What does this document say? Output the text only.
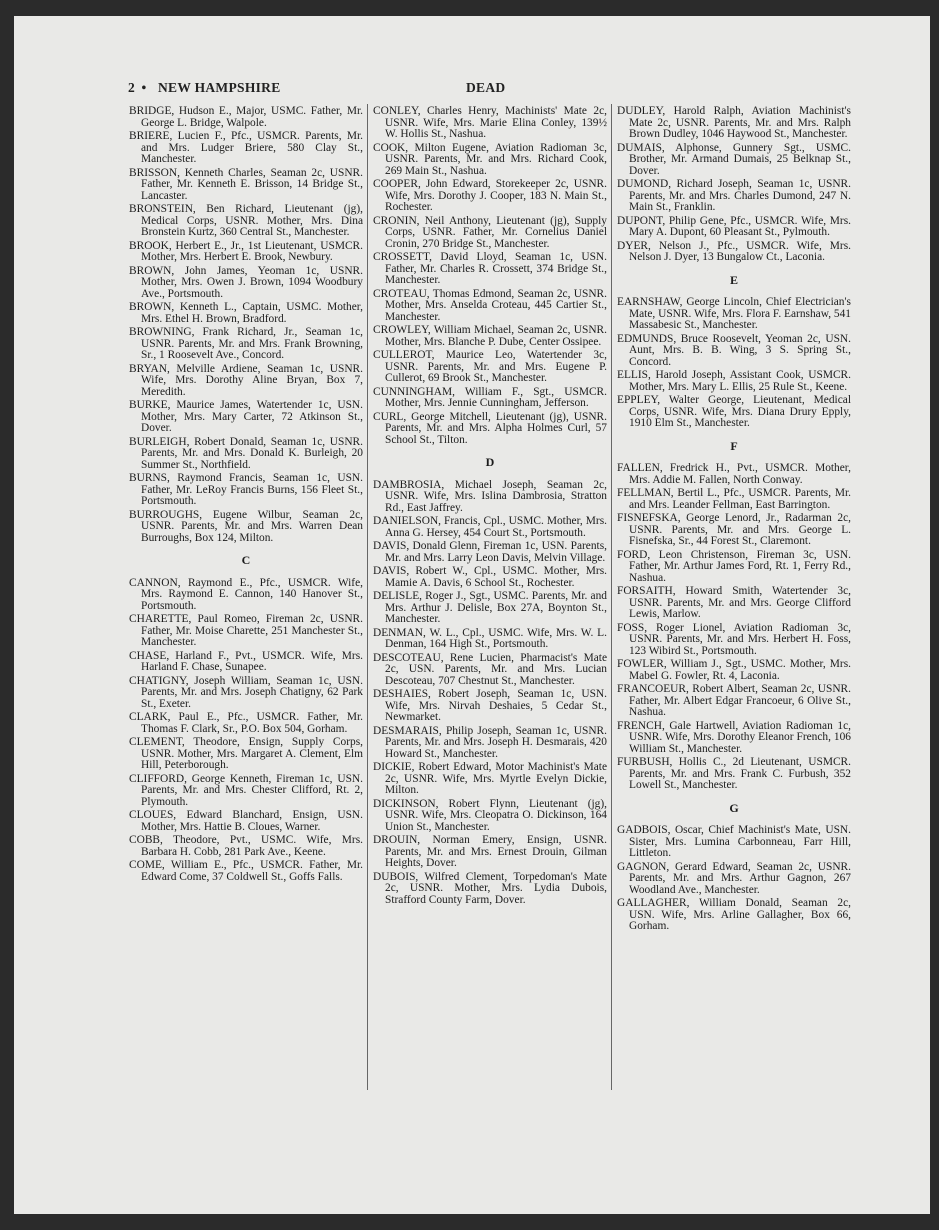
2 • NEW HAMPSHIRE	DEAD
BRIDGE, Hudson E., Major, USMC. Father, Mr. George L. Bridge, Walpole.
BRIERE, Lucien F., Pfc., USMCR. Parents, Mr. and Mrs. Ludger Briere, 580 Clay St., Manchester.
BRISSON, Kenneth Charles, Seaman 2c, USNR. Father, Mr. Kenneth E. Brisson, 14 Bridge St., Lancaster.
BRONSTEIN, Ben Richard, Lieutenant (jg), Medical Corps, USNR. Mother, Mrs. Dina Bronstein Kurtz, 360 Central St., Manchester.
BROOK, Herbert E., Jr., 1st Lieutenant, USMCR. Mother, Mrs. Herbert E. Brook, Newbury.
BROWN, John James, Yeoman 1c, USNR. Mother, Mrs. Owen J. Brown, 1094 Woodbury Ave., Portsmouth.
BROWN, Kenneth L., Captain, USMC. Mother, Mrs. Ethel H. Brown, Bradford.
BROWNING, Frank Richard, Jr., Seaman 1c, USNR. Parents, Mr. and Mrs. Frank Browning, Sr., 1 Roosevelt Ave., Concord.
BRYAN, Melville Ardiene, Seaman 1c, USNR. Wife, Mrs. Dorothy Aline Bryan, Box 7, Meredith.
BURKE, Maurice James, Watertender 1c, USN. Mother, Mrs. Mary Carter, 72 Atkinson St., Dover.
BURLEIGH, Robert Donald, Seaman 1c, USNR. Parents, Mr. and Mrs. Donald K. Burleigh, 20 Summer St., Northfield.
BURNS, Raymond Francis, Seaman 1c, USN. Father, Mr. LeRoy Francis Burns, 156 Fleet St., Portsmouth.
BURROUGHS, Eugene Wilbur, Seaman 2c, USNR. Parents, Mr. and Mrs. Warren Dean Burroughs, Box 124, Milton.
C
CANNON, Raymond E., Pfc., USMCR. Wife, Mrs. Raymond E. Cannon, 140 Hanover St., Portsmouth.
CHARETTE, Paul Romeo, Fireman 2c, USNR. Father, Mr. Moise Charette, 251 Manchester St., Manchester.
CHASE, Harland F., Pvt., USMCR. Wife, Mrs. Harland F. Chase, Sunapee.
CHATIGNY, Joseph William, Seaman 1c, USN. Parents, Mr. and Mrs. Joseph Chatigny, 62 Park St., Exeter.
CLARK, Paul E., Pfc., USMCR. Father, Mr. Thomas F. Clark, Sr., P.O. Box 504, Gorham.
CLEMENT, Theodore, Ensign, Supply Corps, USNR. Mother, Mrs. Margaret A. Clement, Elm Hill, Peterborough.
CLIFFORD, George Kenneth, Fireman 1c, USN. Parents, Mr. and Mrs. Chester Clifford, Rt. 2, Plymouth.
CLOUES, Edward Blanchard, Ensign, USN. Mother, Mrs. Hattie B. Cloues, Warner.
COBB, Theodore, Pvt., USMC. Wife, Mrs. Barbara H. Cobb, 281 Park Ave., Keene.
COME, William E., Pfc., USMCR. Father, Mr. Edward Come, 37 Coldwell St., Goffs Falls.
CONLEY, Charles Henry, Machinists' Mate 2c, USNR. Wife, Mrs. Marie Elina Conley, 139½ W. Hollis St., Nashua.
COOK, Milton Eugene, Aviation Radioman 3c, USNR. Parents, Mr. and Mrs. Richard Cook, 269 Main St., Nashua.
COOPER, John Edward, Storekeeper 2c, USNR. Wife, Mrs. Dorothy J. Cooper, 183 N. Main St., Rochester.
CRONIN, Neil Anthony, Lieutenant (jg), Supply Corps, USNR. Father, Mr. Cornelius Daniel Cronin, 270 Bridge St., Manchester.
CROSSETT, David Lloyd, Seaman 1c, USN. Father, Mr. Charles R. Crossett, 374 Bridge St., Manchester.
CROTEAU, Thomas Edmond, Seaman 2c, USNR. Mother, Mrs. Anselda Croteau, 445 Cartier St., Manchester.
CROWLEY, William Michael, Seaman 2c, USNR. Mother, Mrs. Blanche P. Dube, Center Ossipee.
CULLEROT, Maurice Leo, Watertender 3c, USNR. Parents, Mr. and Mrs. Eugene P. Cullerot, 69 Brook St., Manchester.
CUNNINGHAM, William F., Sgt., USMCR. Mother, Mrs. Jennie Cunningham, Jefferson.
CURL, George Mitchell, Lieutenant (jg), USNR. Parents, Mr. and Mrs. Alpha Holmes Curl, 57 School St., Tilton.
D
DAMBROSIA, Michael Joseph, Seaman 2c, USNR. Wife, Mrs. Islina Dambrosia, Stratton Rd., East Jaffrey.
DANIELSON, Francis, Cpl., USMC. Mother, Mrs. Anna G. Hersey, 454 Court St., Portsmouth.
DAVIS, Donald Glenn, Fireman 1c, USN. Parents, Mr. and Mrs. Larry Leon Davis, Melvin Village.
DAVIS, Robert W., Cpl., USMC. Mother, Mrs. Mamie A. Davis, 6 School St., Rochester.
DELISLE, Roger J., Sgt., USMC. Parents, Mr. and Mrs. Arthur J. Delisle, Box 27A, Boynton St., Manchester.
DENMAN, W. L., Cpl., USMC. Wife, Mrs. W. L. Denman, 164 High St., Portsmouth.
DESCOTEAU, Rene Lucien, Pharmacist's Mate 2c, USN. Parents, Mr. and Mrs. Lucian Descoteau, 707 Chestnut St., Manchester.
DESHAIES, Robert Joseph, Seaman 1c, USN. Wife, Mrs. Nirvah Deshaies, 5 Cedar St., Newmarket.
DESMARAIS, Philip Joseph, Seaman 1c, USNR. Parents, Mr. and Mrs. Joseph H. Desmarais, 420 Howard St., Manchester.
DICKIE, Robert Edward, Motor Machinist's Mate 2c, USNR. Wife, Mrs. Myrtle Evelyn Dickie, Milton.
DICKINSON, Robert Flynn, Lieutenant (jg), USNR. Wife, Mrs. Cleopatra O. Dickinson, 164 Union St., Manchester.
DROUIN, Norman Emery, Ensign, USNR. Parents, Mr. and Mrs. Ernest Drouin, Gilman Heights, Dover.
DUBOIS, Wilfred Clement, Torpedoman's Mate 2c, USNR. Mother, Mrs. Lydia Dubois, Strafford County Farm, Dover.
DUDLEY, Harold Ralph, Aviation Machinist's Mate 2c, USNR. Parents, Mr. and Mrs. Ralph Brown Dudley, 1046 Haywood St., Manchester.
DUMAIS, Alphonse, Gunnery Sgt., USMC. Brother, Mr. Armand Dumais, 25 Belknap St., Dover.
DUMOND, Richard Joseph, Seaman 1c, USNR. Parents, Mr. and Mrs. Charles Dumond, 247 N. Main St., Franklin.
DUPONT, Philip Gene, Pfc., USMCR. Wife, Mrs. Mary A. Dupont, 60 Pleasant St., Pylmouth.
DYER, Nelson J., Pfc., USMCR. Wife, Mrs. Nelson J. Dyer, 13 Bungalow Ct., Laconia.
E
EARNSHAW, George Lincoln, Chief Electrician's Mate, USNR. Wife, Mrs. Flora F. Earnshaw, 541 Massabesic St., Manchester.
EDMUNDS, Bruce Roosevelt, Yeoman 2c, USN. Aunt, Mrs. B. B. Wing, 3 S. Spring St., Concord.
ELLIS, Harold Joseph, Assistant Cook, USMCR. Mother, Mrs. Mary L. Ellis, 25 Rule St., Keene.
EPPLEY, Walter George, Lieutenant, Medical Corps, USNR. Wife, Mrs. Diana Drury Epply, 1910 Elm St., Manchester.
F
FALLEN, Fredrick H., Pvt., USMCR. Mother, Mrs. Addie M. Fallen, North Conway.
FELLMAN, Bertil L., Pfc., USMCR. Parents, Mr. and Mrs. Leander Fellman, East Barrington.
FISNEFSKA, George Lenord, Jr., Radarman 2c, USNR. Parents, Mr. and Mrs. George L. Fisnefska, Sr., 44 Forest St., Claremont.
FORD, Leon Christenson, Fireman 3c, USN. Father, Mr. Arthur James Ford, Rt. 1, Ferry Rd., Nashua.
FORSAITH, Howard Smith, Watertender 3c, USNR. Parents, Mr. and Mrs. George Clifford Lewis, Marlow.
FOSS, Roger Lionel, Aviation Radioman 3c, USNR. Parents, Mr. and Mrs. Herbert H. Foss, 123 Wibird St., Portsmouth.
FOWLER, William J., Sgt., USMC. Mother, Mrs. Mabel G. Fowler, Rt. 4, Laconia.
FRANCOEUR, Robert Albert, Seaman 2c, USNR. Father, Mr. Albert Edgar Francoeur, 6 Olive St., Nashua.
FRENCH, Gale Hartwell, Aviation Radioman 1c, USNR. Wife, Mrs. Dorothy Eleanor French, 106 William St., Manchester.
FURBUSH, Hollis C., 2d Lieutenant, USMCR. Parents, Mr. and Mrs. Frank C. Furbush, 352 Lowell St., Manchester.
G
GADBOIS, Oscar, Chief Machinist's Mate, USN. Sister, Mrs. Lumina Carbonneau, Farr Hill, Littleton.
GAGNON, Gerard Edward, Seaman 2c, USNR. Parents, Mr. and Mrs. Arthur Gagnon, 267 Woodland Ave., Manchester.
GALLAGHER, William Donald, Seaman 2c, USN. Wife, Mrs. Arline Gallagher, Box 66, Gorham.
